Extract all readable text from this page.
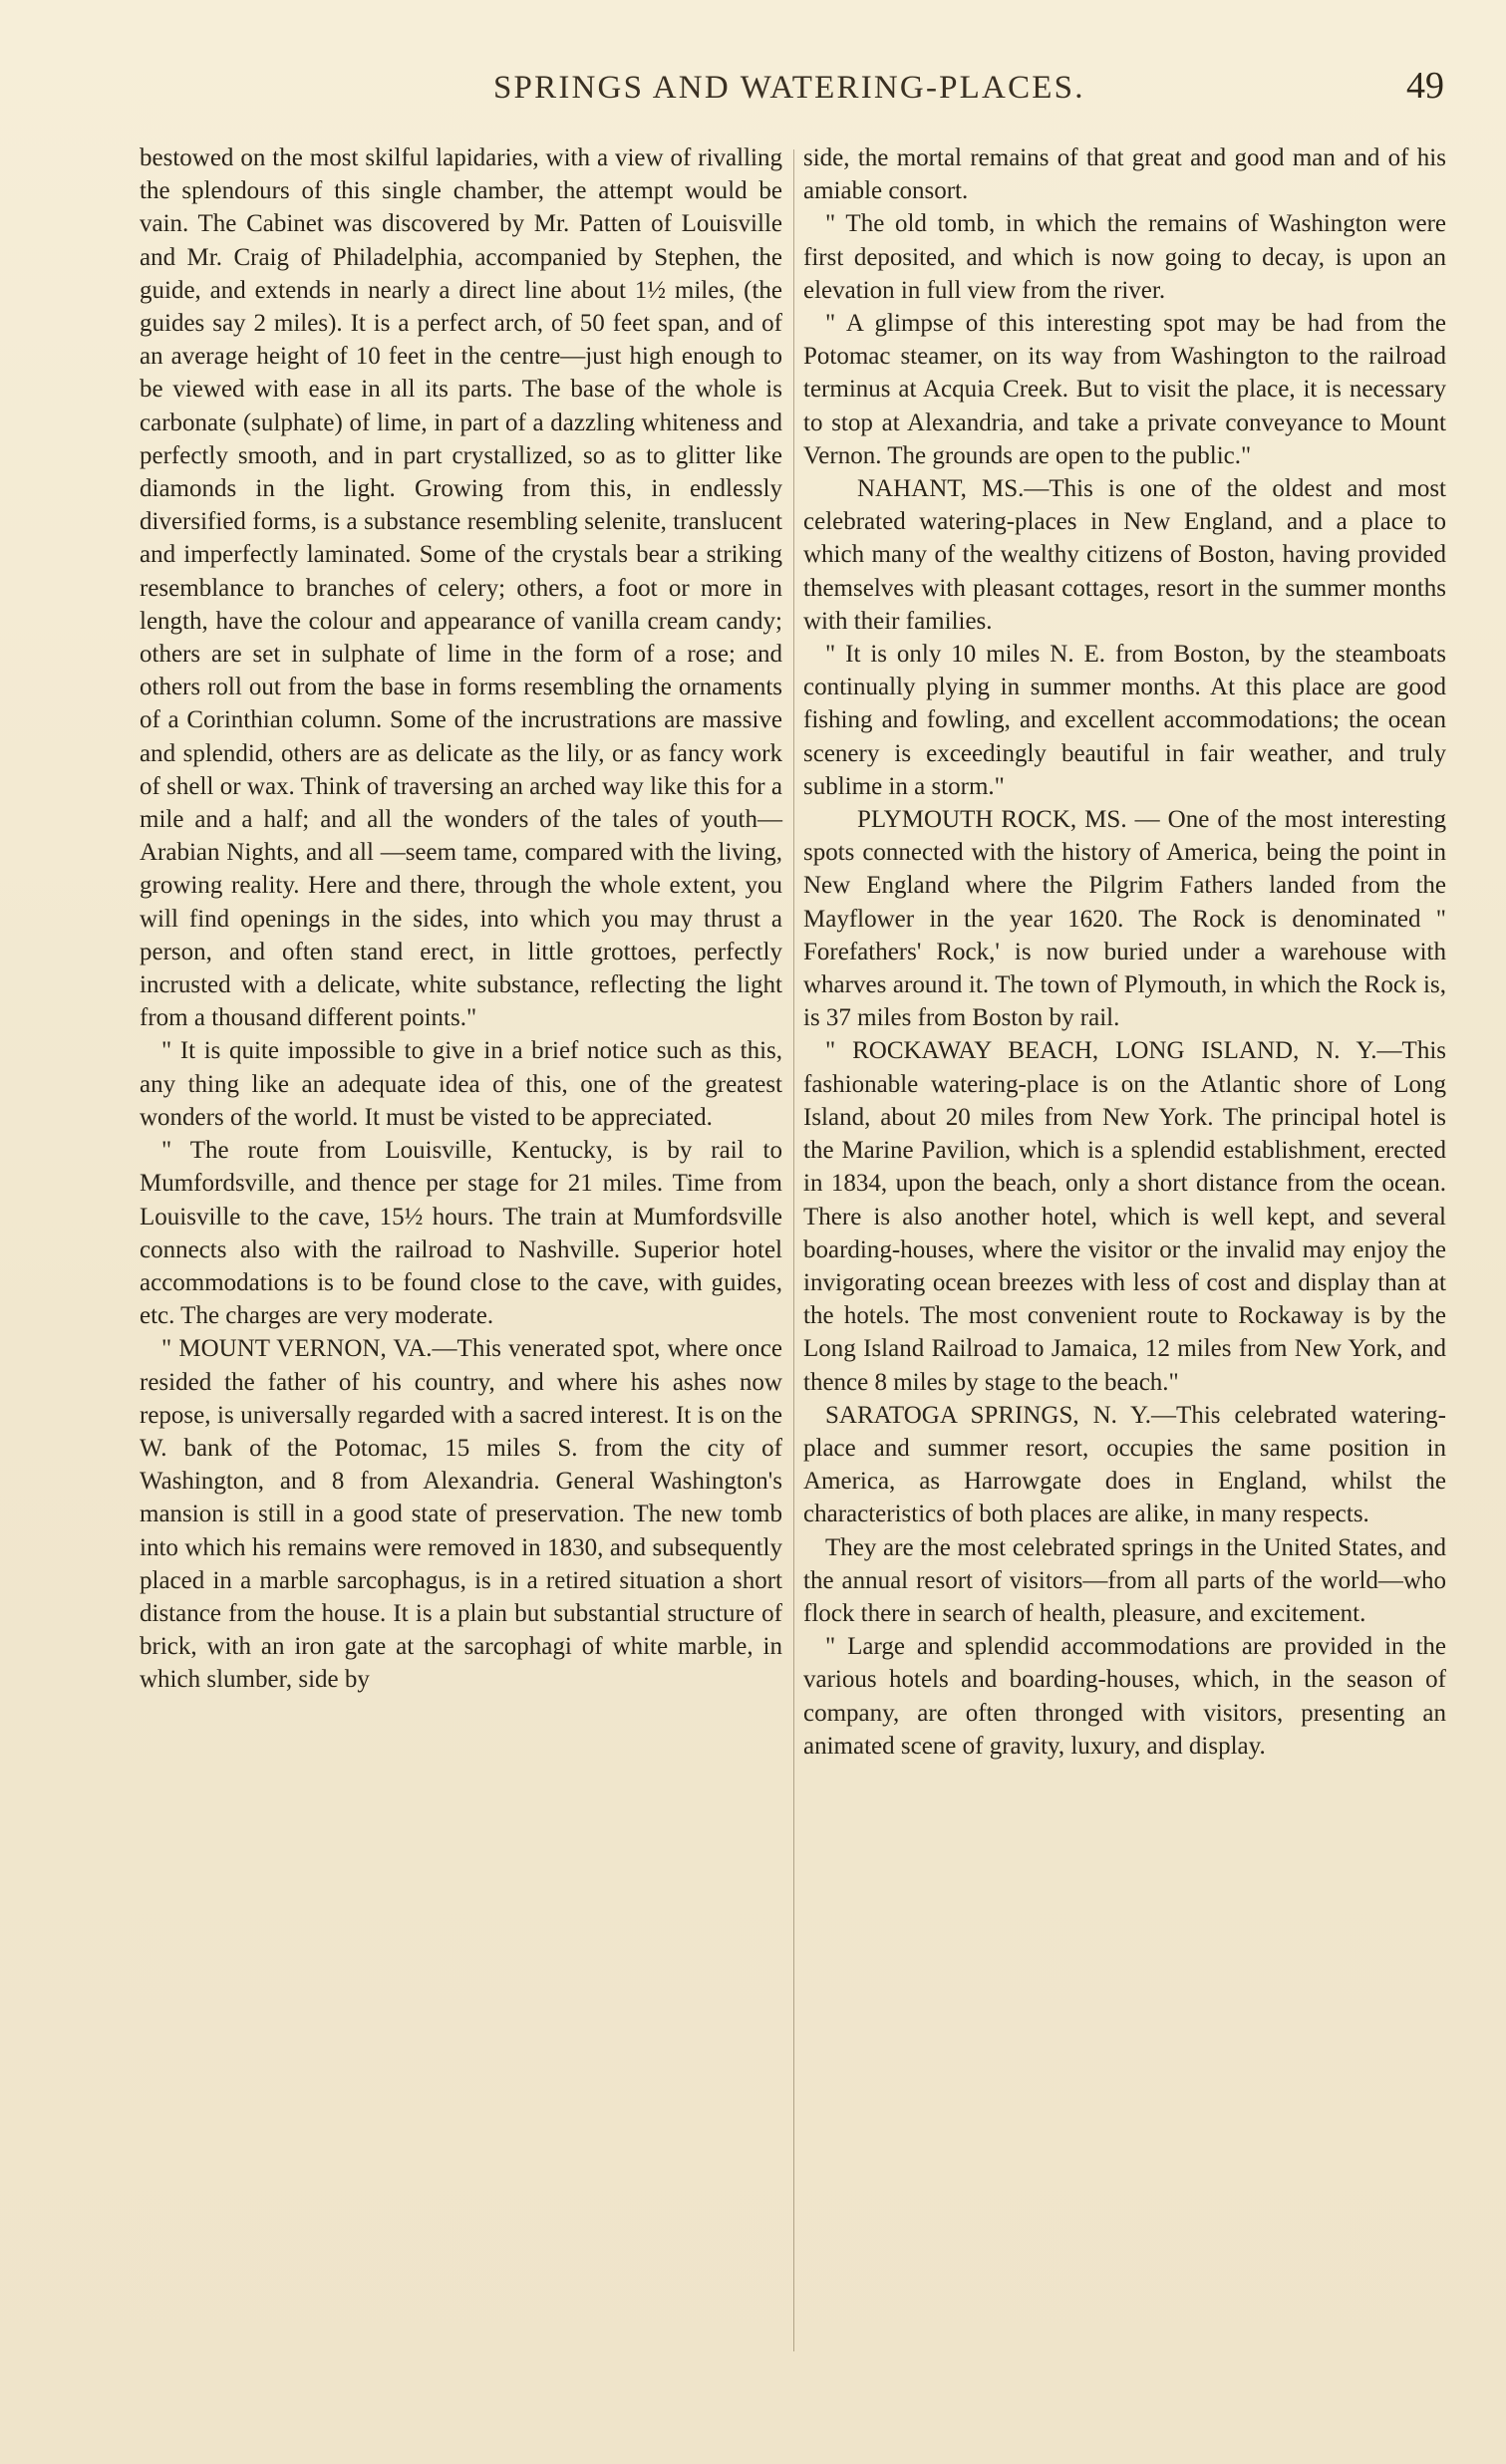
SPRINGS AND WATERING-PLACES.	49

bestowed on the most skilful lapidaries, with a view of rivalling the splendours of this single chamber, the attempt would be vain. The Cabinet was discovered by Mr. Patten of Louisville and Mr. Craig of Philadelphia, accompanied by Stephen, the guide, and extends in nearly a direct line about 1½ miles, (the guides say 2 miles). It is a perfect arch, of 50 feet span, and of an average height of 10 feet in the centre—just high enough to be viewed with ease in all its parts. The base of the whole is carbonate (sulphate) of lime, in part of a dazzling whiteness and perfectly smooth, and in part crystallized, so as to glitter like diamonds in the light. Growing from this, in endlessly diversified forms, is a substance resembling selenite, translucent and imperfectly laminated. Some of the crystals bear a striking resemblance to branches of celery; others, a foot or more in length, have the colour and appearance of vanilla cream candy; others are set in sulphate of lime in the form of a rose; and others roll out from the base in forms resembling the ornaments of a Corinthian column. Some of the incrustrations are massive and splendid, others are as delicate as the lily, or as fancy work of shell or wax. Think of traversing an arched way like this for a mile and a half; and all the wonders of the tales of youth—Arabian Nights, and all —seem tame, compared with the living, growing reality. Here and there, through the whole extent, you will find openings in the sides, into which you may thrust a person, and often stand erect, in little grottoes, perfectly incrusted with a delicate, white substance, reflecting the light from a thousand different points."

" It is quite impossible to give in a brief notice such as this, any thing like an adequate idea of this, one of the greatest wonders of the world. It must be visted to be appreciated.

" The route from Louisville, Kentucky, is by rail to Mumfordsville, and thence per stage for 21 miles. Time from Louisville to the cave, 15½ hours. The train at Mumfordsville connects also with the railroad to Nashville. Superior hotel accommodations is to be found close to the cave, with guides, etc. The charges are very moderate.

" MOUNT VERNON, VA.—This venerated spot, where once resided the father of his country, and where his ashes now repose, is universally regarded with a sacred interest. It is on the W. bank of the Potomac, 15 miles S. from the city of Washington, and 8 from Alexandria. General Washington's mansion is still in a good state of preservation. The new tomb into which his remains were removed in 1830, and subsequently placed in a marble sarcophagus, is in a retired situation a short distance from the house. It is a plain but substantial structure of brick, with an iron gate at the sarcophagi of white marble, in which slumber, side by

side, the mortal remains of that great and good man and of his amiable consort.

" The old tomb, in which the remains of Washington were first deposited, and which is now going to decay, is upon an elevation in full view from the river.

" A glimpse of this interesting spot may be had from the Potomac steamer, on its way from Washington to the railroad terminus at Acquia Creek. But to visit the place, it is necessary to stop at Alexandria, and take a private conveyance to Mount Vernon. The grounds are open to the public."

NAHANT, MS.—This is one of the oldest and most celebrated watering-places in New England, and a place to which many of the wealthy citizens of Boston, having provided themselves with pleasant cottages, resort in the summer months with their families.

" It is only 10 miles N. E. from Boston, by the steamboats continually plying in summer months. At this place are good fishing and fowling, and excellent accommodations; the ocean scenery is exceedingly beautiful in fair weather, and truly sublime in a storm."

PLYMOUTH ROCK, MS. — One of the most interesting spots connected with the history of America, being the point in New England where the Pilgrim Fathers landed from the Mayflower in the year 1620. The Rock is denominated " Forefathers' Rock,' is now buried under a warehouse with wharves around it. The town of Plymouth, in which the Rock is, is 37 miles from Boston by rail.

" ROCKAWAY BEACH, LONG ISLAND, N. Y.—This fashionable watering-place is on the Atlantic shore of Long Island, about 20 miles from New York. The principal hotel is the Marine Pavilion, which is a splendid establishment, erected in 1834, upon the beach, only a short distance from the ocean. There is also another hotel, which is well kept, and several boarding-houses, where the visitor or the invalid may enjoy the invigorating ocean breezes with less of cost and display than at the hotels. The most convenient route to Rockaway is by the Long Island Railroad to Jamaica, 12 miles from New York, and thence 8 miles by stage to the beach."

SARATOGA SPRINGS, N. Y.—This celebrated watering-place and summer resort, occupies the same position in America, as Harrowgate does in England, whilst the characteristics of both places are alike, in many respects.

They are the most celebrated springs in the United States, and the annual resort of visitors—from all parts of the world—who flock there in search of health, pleasure, and excitement.

" Large and splendid accommodations are provided in the various hotels and boarding-houses, which, in the season of company, are often thronged with visitors, presenting an animated scene of gravity, luxury, and display.
